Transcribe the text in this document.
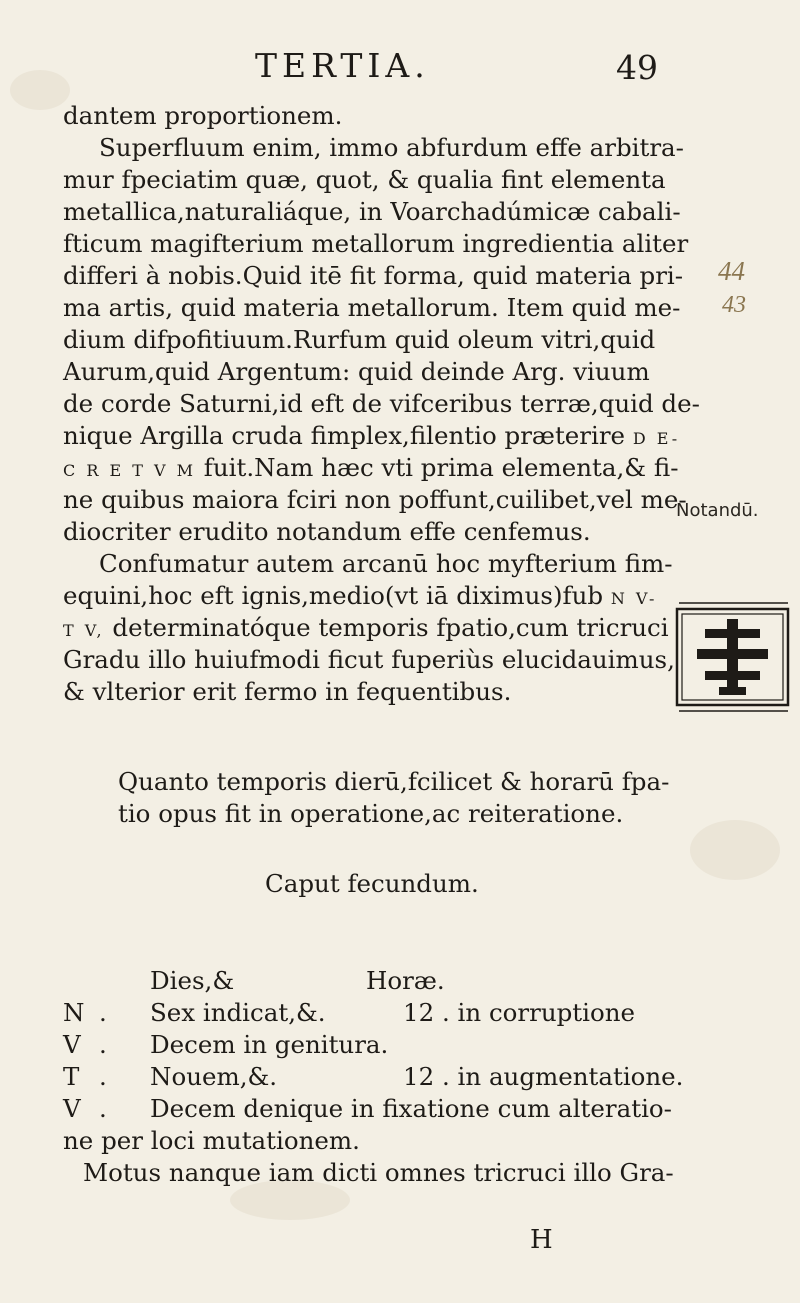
TERTIA.	49
dantem proportionem.
Superfluum enim, immo abfurdum effe arbitra-
mur fpeciatim quæ, quot, & qualia fint elementa
metallica,naturaliáque, in Voarchadúmicæ cabali-
fticum magifterium metallorum ingredientia aliter
differi à nobis.Quid itē fit forma, quid materia pri-
ma artis, quid materia metallorum. Item quid me-
dium difpofitiuum.Rurfum quid oleum vitri,quid
Aurum,quid Argentum: quid deinde Arg. viuum
de corde Saturni,id eft de vifceribus terræ,quid de-
nique Argilla cruda fimplex,filentio præterire D E-
C R E T V M fuit.Nam hæc vti prima elementa,& fi-
ne quibus maiora fciri non poffunt,cuilibet,vel me-
diocriter erudito notandum effe cenfemus.
Confumatur autem arcanū hoc myfterium fim-
equini,hoc eft ignis,medio(vt iā diximus)fub N V-
T V, determinatóque temporis fpatio,cum tricruci
Gradu illo huiufmodi ficut fuperiùs elucidauimus,
& vlterior erit fermo in fequentibus.
44
43
Notandū.
Quanto temporis dierū,fcilicet & horarū fpa-
tio opus fit in operatione,ac reiteratione.
Caput fecundum.
Dies,&	Horæ.
N . Sex indicat,&.	12 . in corruptione
V . Decem in genitura.
T . Nouem,&.	12 . in augmentatione.
V . Decem denique in fixatione cum alteratio-
ne per loci mutationem.
Motus nanque iam dicti omnes tricruci illo Gra-
H
